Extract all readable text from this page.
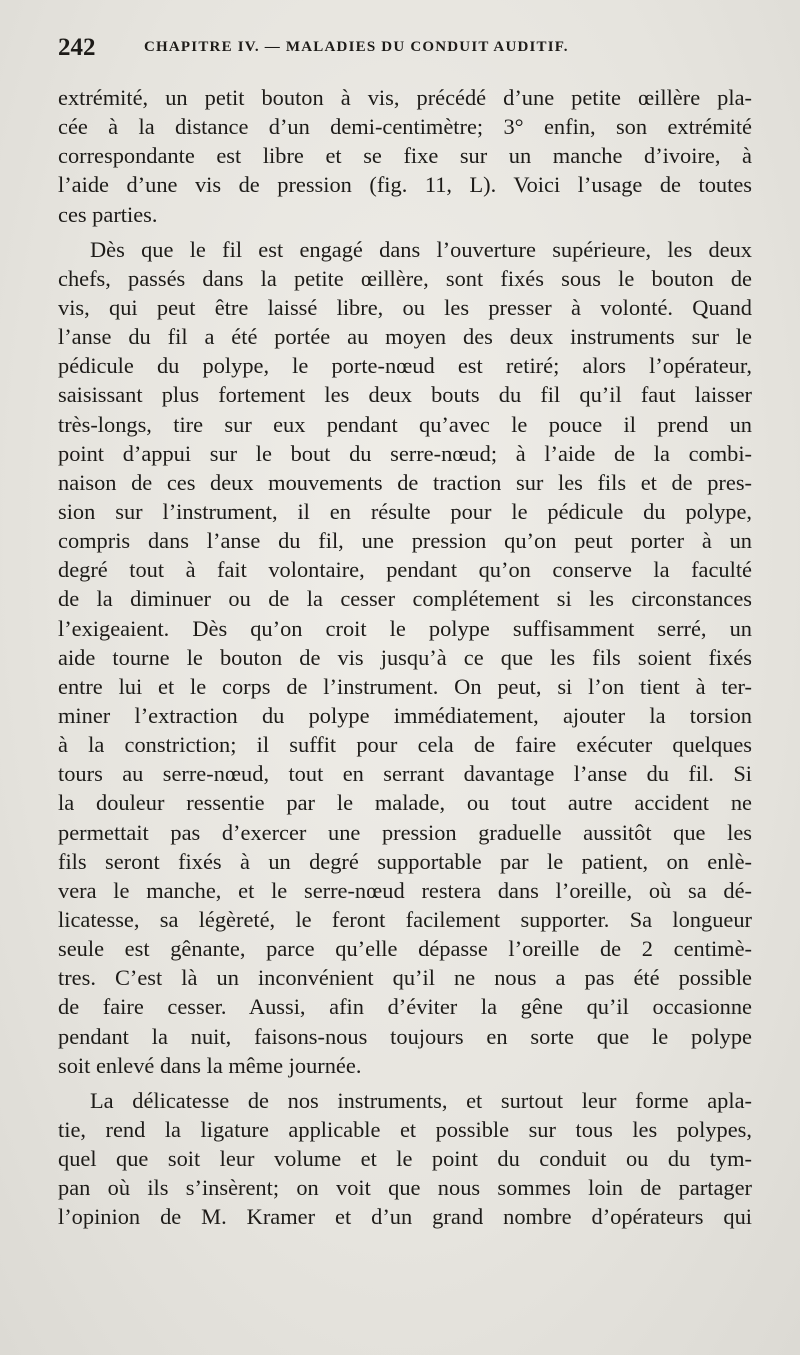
242	CHAPITRE IV. — MALADIES DU CONDUIT AUDITIF.
extrémité, un petit bouton à vis, précédé d’une petite œillère pla-
cée à la distance d’un demi-centimètre; 3° enfin, son extrémité
correspondante est libre et se fixe sur un manche d’ivoire, à
l’aide d’une vis de pression (fig. 11, L). Voici l’usage de toutes
ces parties.
Dès que le fil est engagé dans l’ouverture supérieure, les deux
chefs, passés dans la petite œillère, sont fixés sous le bouton de
vis, qui peut être laissé libre, ou les presser à volonté. Quand
l’anse du fil a été portée au moyen des deux instruments sur le
pédicule du polype, le porte-nœud est retiré; alors l’opérateur,
saisissant plus fortement les deux bouts du fil qu’il faut laisser
très-longs, tire sur eux pendant qu’avec le pouce il prend un
point d’appui sur le bout du serre-nœud; à l’aide de la combi-
naison de ces deux mouvements de traction sur les fils et de pres-
sion sur l’instrument, il en résulte pour le pédicule du polype,
compris dans l’anse du fil, une pression qu’on peut porter à un
degré tout à fait volontaire, pendant qu’on conserve la faculté
de la diminuer ou de la cesser complétement si les circonstances
l’exigeaient. Dès qu’on croit le polype suffisamment serré, un
aide tourne le bouton de vis jusqu’à ce que les fils soient fixés
entre lui et le corps de l’instrument. On peut, si l’on tient à ter-
miner l’extraction du polype immédiatement, ajouter la torsion
à la constriction; il suffit pour cela de faire exécuter quelques
tours au serre-nœud, tout en serrant davantage l’anse du fil. Si
la douleur ressentie par le malade, ou tout autre accident ne
permettait pas d’exercer une pression graduelle aussitôt que les
fils seront fixés à un degré supportable par le patient, on enlè-
vera le manche, et le serre-nœud restera dans l’oreille, où sa dé-
licatesse, sa légèreté, le feront facilement supporter. Sa longueur
seule est gênante, parce qu’elle dépasse l’oreille de 2 centimè-
tres. C’est là un inconvénient qu’il ne nous a pas été possible
de faire cesser. Aussi, afin d’éviter la gêne qu’il occasionne
pendant la nuit, faisons-nous toujours en sorte que le polype
soit enlevé dans la même journée.
La délicatesse de nos instruments, et surtout leur forme apla-
tie, rend la ligature applicable et possible sur tous les polypes,
quel que soit leur volume et le point du conduit ou du tym-
pan où ils s’insèrent; on voit que nous sommes loin de partager
l’opinion de M. Kramer et d’un grand nombre d’opérateurs qui
